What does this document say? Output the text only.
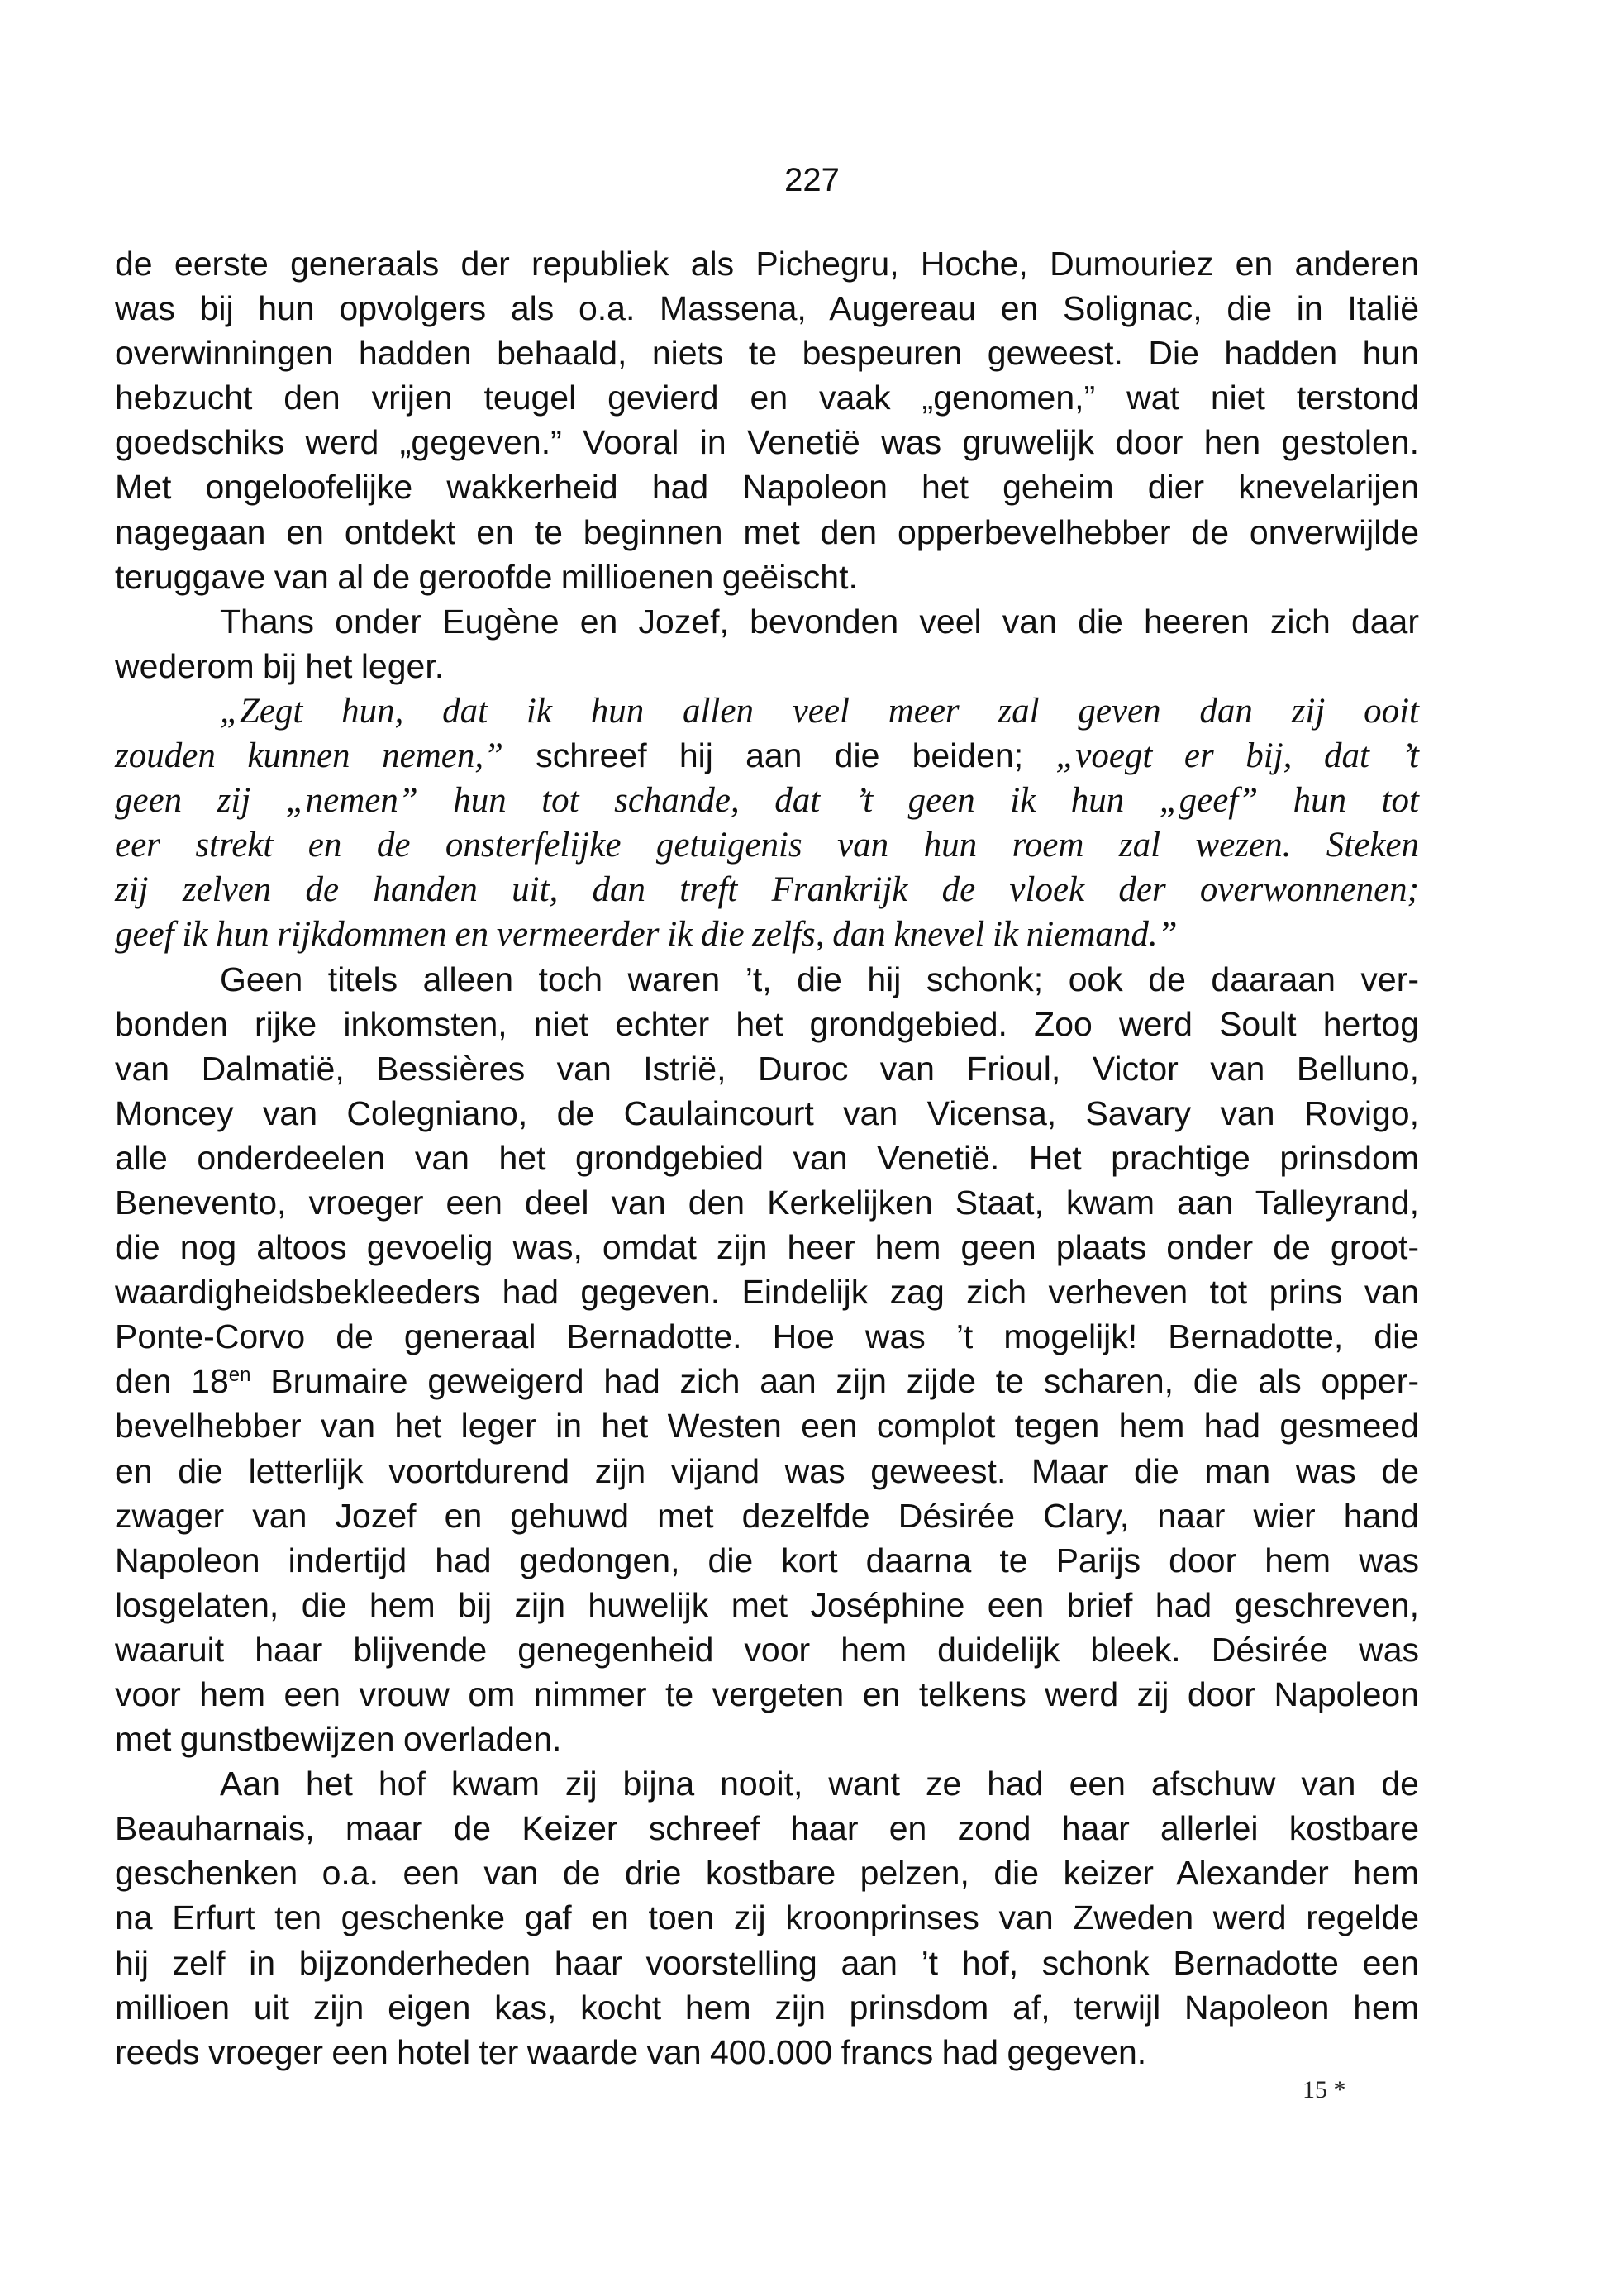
227
de eerste generaals der republiek als Pichegru, Hoche, Dumouriez en anderen
was bij hun opvolgers als o.a. Massena, Augereau en Solignac, die in Italië
overwinningen hadden behaald, niets te bespeuren geweest. Die hadden hun
hebzucht den vrijen teugel gevierd en vaak „genomen,” wat niet terstond
goedschiks werd „gegeven.” Vooral in Venetië was gruwelijk door hen gestolen.
Met ongeloofelijke wakkerheid had Napoleon het geheim dier knevelarijen
nagegaan en ontdekt en te beginnen met den opperbevelhebber de onverwijlde
teruggave van al de geroofde millioenen geëischt.
Thans onder Eugène en Jozef, bevonden veel van die heeren zich daar
wederom bij het leger.
„Zegt hun, dat ik hun allen veel meer zal geven dan zij ooit
zouden kunnen nemen,” schreef hij aan die beiden; „voegt er bij, dat ’t
geen zij „nemen” hun tot schande, dat ’t geen ik hun „geef” hun tot
eer strekt en de onsterfelijke getuigenis van hun roem zal wezen. Steken
zij zelven de handen uit, dan treft Frankrijk de vloek der overwonnenen;
geef ik hun rijkdommen en vermeerder ik die zelfs, dan knevel ik niemand.”
Geen titels alleen toch waren ’t, die hij schonk; ook de daaraan ver-
bonden rijke inkomsten, niet echter het grondgebied. Zoo werd Soult hertog
van Dalmatië, Bessières van Istrië, Duroc van Frioul, Victor van Belluno,
Moncey van Colegniano, de Caulaincourt van Vicensa, Savary van Rovigo,
alle onderdeelen van het grondgebied van Venetië. Het prachtige prinsdom
Benevento, vroeger een deel van den Kerkelijken Staat, kwam aan Talleyrand,
die nog altoos gevoelig was, omdat zijn heer hem geen plaats onder de groot-
waardigheidsbekleeders had gegeven. Eindelijk zag zich verheven tot prins van
Ponte-Corvo de generaal Bernadotte. Hoe was ’t mogelijk! Bernadotte, die
den $18^{en}$ Brumaire geweigerd had zich aan zijn zijde te scharen, die als opper-
bevelhebber van het leger in het Westen een complot tegen hem had gesmeed
en die letterlijk voortdurend zijn vijand was geweest. Maar die man was de
zwager van Jozef en gehuwd met dezelfde Désirée Clary, naar wier hand
Napoleon indertijd had gedongen, die kort daarna te Parijs door hem was
losgelaten, die hem bij zijn huwelijk met Joséphine een brief had geschreven,
waaruit haar blijvende genegenheid voor hem duidelijk bleek. Désirée was
voor hem een vrouw om nimmer te vergeten en telkens werd zij door Napoleon
met gunstbewijzen overladen.
Aan het hof kwam zij bijna nooit, want ze had een afschuw van de
Beauharnais, maar de Keizer schreef haar en zond haar allerlei kostbare
geschenken o.a. een van de drie kostbare pelzen, die keizer Alexander hem
na Erfurt ten geschenke gaf en toen zij kroonprinses van Zweden werd regelde
hij zelf in bijzonderheden haar voorstelling aan ’t hof, schonk Bernadotte een
millioen uit zijn eigen kas, kocht hem zijn prinsdom af, terwijl Napoleon hem
reeds vroeger een hotel ter waarde van 400.000 francs had gegeven.
15 *
